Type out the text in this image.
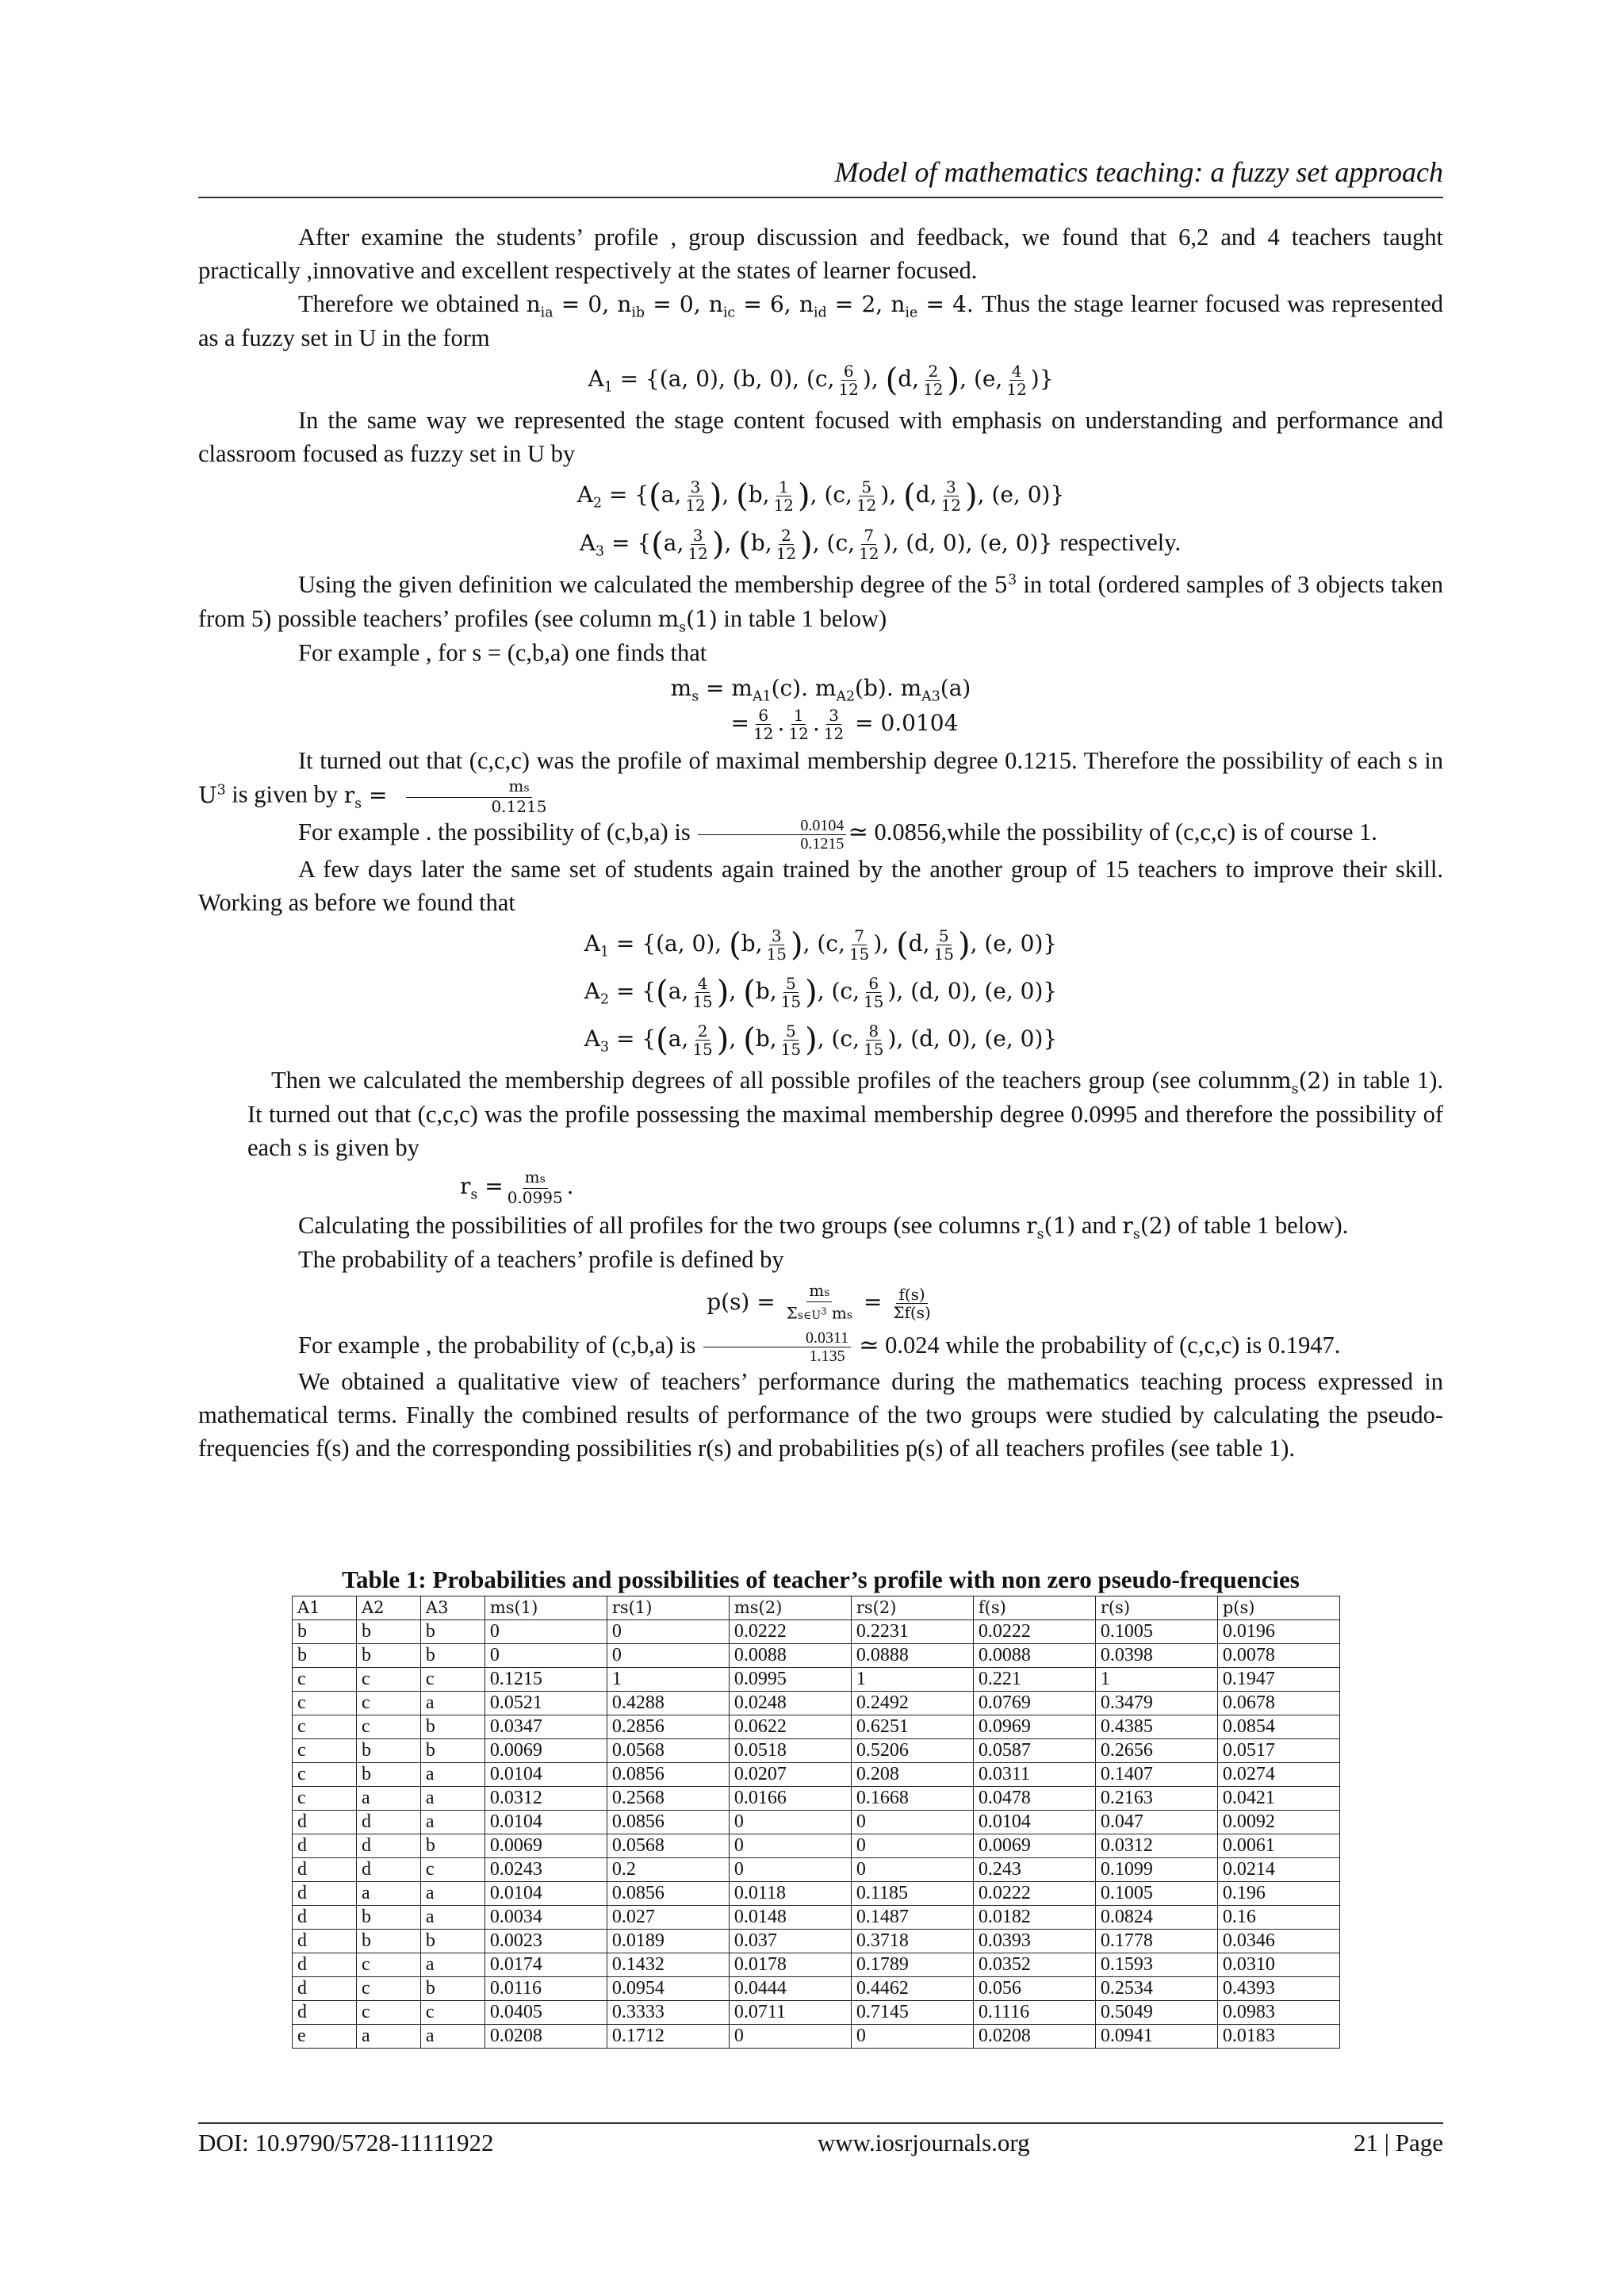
Model of mathematics teaching: a fuzzy set approach

After examine the students’ profile , group discussion and feedback, we found that 6,2 and 4 teachers taught practically ,innovative and excellent respectively at the states of learner focused.

Therefore we obtained $n_{ia} = 0$, $n_{ib} = 0$, $n_{ic} = 6$, $n_{id} = 2$, $n_{ie} = 4$. Thus the stage learner focused was represented as a fuzzy set in U in the form

$A_1 = \{(a$, 0), (b, 0), (c, $\frac{6}{12}$ ), (d, $\frac{2}{12}$ ), (e, $\frac{4}{12}$ )}

In the same way we represented the stage content focused with emphasis on understanding and performance and classroom focused as fuzzy set in U by

$A_2 = \{(a$, $\frac{3}{12}$ ), (b, $\frac{1}{12}$ ), (c, $\frac{5}{12}$ ), (d, $\frac{3}{12}$ ), (e, 0)}
$A_3 = \{(a$, $\frac{3}{12}$ ), (b, $\frac{2}{12}$ ), (c, $\frac{7}{12}$ ), (d, 0), (e, 0)} respectively.

Using the given definition we calculated the membership degree of the $5^3$ in total (ordered samples of 3 objects taken from 5) possible teachers’ profiles (see column $m_s(1)$ in table 1 below)

For example , for s = (c,b,a) one finds that

$m_s = m_{A1}(c)$. $m_{A2}(b)$. $m_{A3}(a)$
= $\frac{6}{12}$ . $\frac{1}{12}$ . $\frac{3}{12} = 0.0104$

It turned out that (c,c,c) was the profile of maximal membership degree 0.1215. Therefore the possibility of each s in $U^3$ is given by $r_s = \frac{ms}{0.1215}$

For example . the possibility of (c,b,a) is $\frac{0.0104}{0.1215}$ ≃ 0.0856,while the possibility of (c,c,c) is of course 1.

A few days later the same set of students again trained by the another group of 15 teachers to improve their skill. Working as before we found that

$A_1 = \{(a$, 0), (b, $\frac{3}{15}$ ), (c, $\frac{7}{15}$ ), (d, $\frac{5}{15}$ ), (e, 0)}
$A_2 = \{(a$, $\frac{4}{15}$ ), (b, $\frac{5}{15}$ ), (c, $\frac{6}{15}$ ), (d, 0), (e, 0)}
$A_3 = \{(a$, $\frac{2}{15}$ ), (b, $\frac{5}{15}$ ), (c, $\frac{8}{15}$ ), (d, 0), (e, 0)}

Then we calculated the membership degrees of all possible profiles of the teachers group (see columnm$_s$(2) in table 1). It turned out that (c,c,c) was the profile possessing the maximal membership degree 0.0995 and therefore the possibility of each s is given by

$r_s = \frac{ms}{0.0995}$ .

Calculating the possibilities of all profiles for the two groups (see columns $r_s(1)$ and $r_s(2)$ of table 1 below).

The probability of a teachers’ profile is defined by

$p(s) = \frac{ms}{\Sigma s\in U^3 ms} = \frac{f(s)}{\Sigma f(s)}$

For example , the probability of (c,b,a) is $\frac{0.0311}{1.135}$ ≃ 0.024 while the probability of (c,c,c) is 0.1947.

We obtained a qualitative view of teachers’ performance during the mathematics teaching process expressed in mathematical terms. Finally the combined results of performance of the two groups were studied by calculating the pseudo-frequencies f(s) and the corresponding possibilities r(s) and probabilities p(s) of all teachers profiles (see table 1).

Table 1: Probabilities and possibilities of teacher’s profile with non zero pseudo-frequencies
A1	A2	A3	ms(1)	rs(1)	ms(2)	rs(2)	f(s)	r(s)	p(s)
b	b	b	0	0	0.0222	0.2231	0.0222	0.1005	0.0196
b	b	b	0	0	0.0088	0.0888	0.0088	0.0398	0.0078
c	c	c	0.1215	1	0.0995	1	0.221	1	0.1947
c	c	a	0.0521	0.4288	0.0248	0.2492	0.0769	0.3479	0.0678
c	c	b	0.0347	0.2856	0.0622	0.6251	0.0969	0.4385	0.0854
c	b	b	0.0069	0.0568	0.0518	0.5206	0.0587	0.2656	0.0517
c	b	a	0.0104	0.0856	0.0207	0.208	0.0311	0.1407	0.0274
c	a	a	0.0312	0.2568	0.0166	0.1668	0.0478	0.2163	0.0421
d	d	a	0.0104	0.0856	0	0	0.0104	0.047	0.0092
d	d	b	0.0069	0.0568	0	0	0.0069	0.0312	0.0061
d	d	c	0.0243	0.2	0	0	0.243	0.1099	0.0214
d	a	a	0.0104	0.0856	0.0118	0.1185	0.0222	0.1005	0.196
d	b	a	0.0034	0.027	0.0148	0.1487	0.0182	0.0824	0.16
d	b	b	0.0023	0.0189	0.037	0.3718	0.0393	0.1778	0.0346
d	c	a	0.0174	0.1432	0.0178	0.1789	0.0352	0.1593	0.0310
d	c	b	0.0116	0.0954	0.0444	0.4462	0.056	0.2534	0.4393
d	c	c	0.0405	0.3333	0.0711	0.7145	0.1116	0.5049	0.0983
e	a	a	0.0208	0.1712	0	0	0.0208	0.0941	0.0183
DOI: 10.9790/5728-11111922	www.iosrjournals.org	21 | Page
